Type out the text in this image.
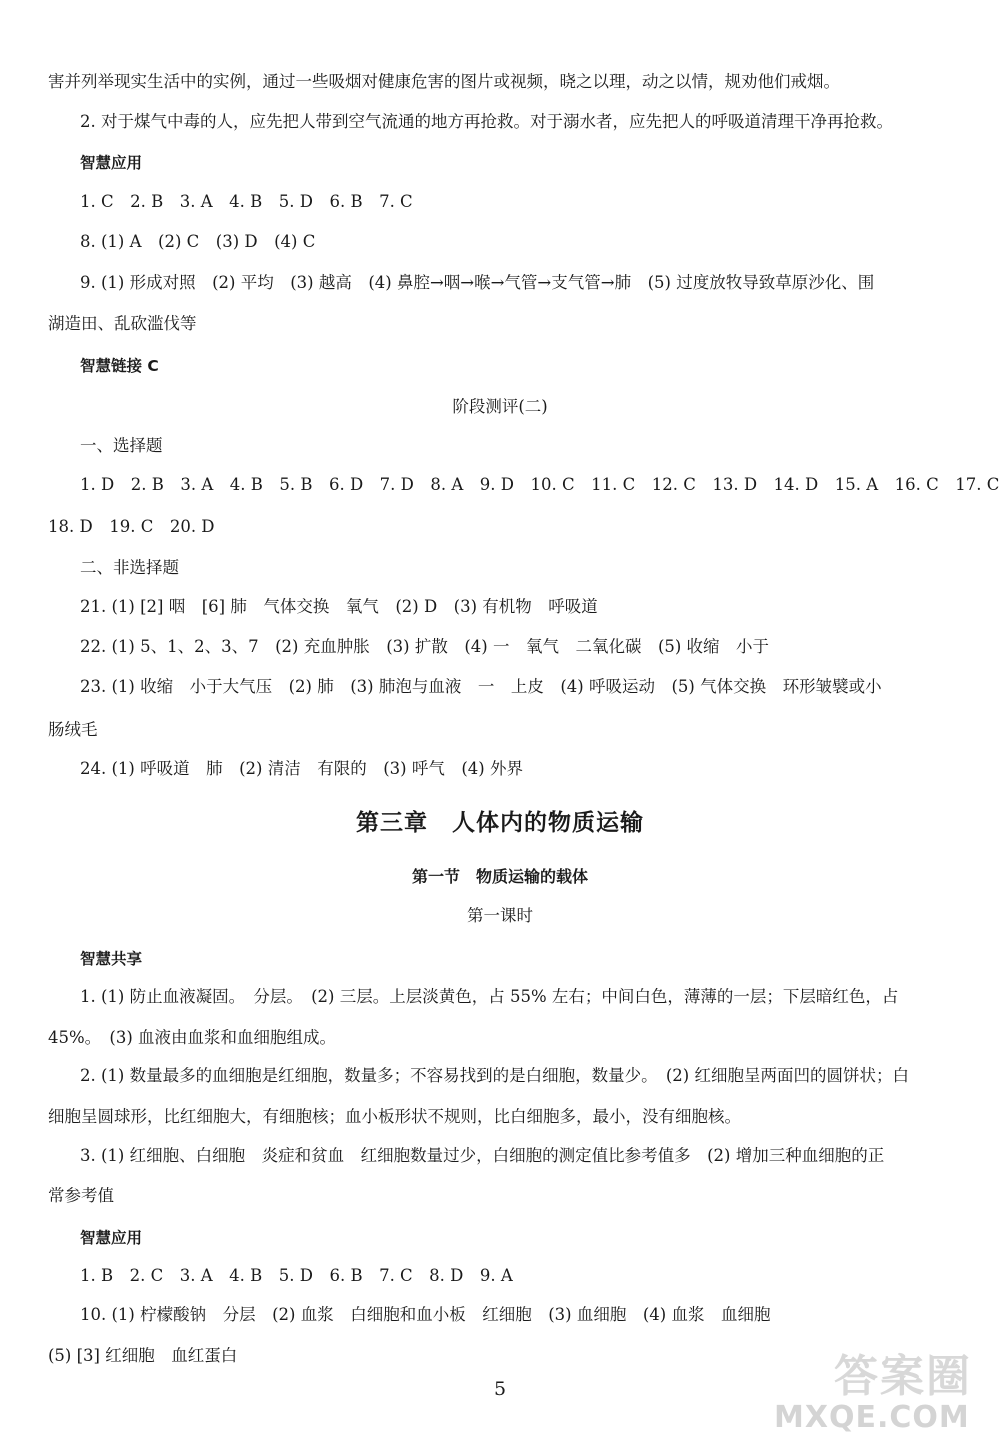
害并列举现实生活中的实例，通过一些吸烟对健康危害的图片或视频，晓之以理，动之以情，规劝他们戒烟。
2. 对于煤气中毒的人，应先把人带到空气流通的地方再抢救。对于溺水者，应先把人的呼吸道清理干净再抢救。
智慧应用
1. C　2. B　3. A　4. B　5. D　6. B　7. C
8. (1) A　(2) C　(3) D　(4) C
9. (1) 形成对照　(2) 平均　(3) 越高　(4) 鼻腔→咽→喉→气管→支气管→肺　(5) 过度放牧导致草原沙化、围
湖造田、乱砍滥伐等
智慧链接 C
阶段测评(二)
一、选择题
1. D　2. B　3. A　4. B　5. B　6. D　7. D　8. A　9. D　10. C　11. C　12. C　13. D　14. D　15. A　16. C　17. C
18. D　19. C　20. D
二、非选择题
21. (1) [2] 咽　[6] 肺　气体交换　氧气　(2) D　(3) 有机物　呼吸道
22. (1) 5、1、2、3、7　(2) 充血肿胀　(3) 扩散　(4) 一　氧气　二氧化碳　(5) 收缩　小于
23. (1) 收缩　小于大气压　(2) 肺　(3) 肺泡与血液　一　上皮　(4) 呼吸运动　(5) 气体交换　环形皱襞或小
肠绒毛
24. (1) 呼吸道　肺　(2) 清洁　有限的　(3) 呼气　(4) 外界
第三章　人体内的物质运输
第一节　物质运输的载体
第一课时
智慧共享
1. (1) 防止血液凝固。　分层。　(2) 三层。上层淡黄色，占 55% 左右；中间白色，薄薄的一层；下层暗红色，占
45%。　(3) 血液由血浆和血细胞组成。
2. (1) 数量最多的血细胞是红细胞，数量多；不容易找到的是白细胞，数量少。　(2) 红细胞呈两面凹的圆饼状；白
细胞呈圆球形，比红细胞大，有细胞核；血小板形状不规则，比白细胞多，最小，没有细胞核。
3. (1) 红细胞、白细胞　炎症和贫血　红细胞数量过少，白细胞的测定值比参考值多　(2) 增加三种血细胞的正
常参考值
智慧应用
1. B　2. C　3. A　4. B　5. D　6. B　7. C　8. D　9. A
10. (1) 柠檬酸钠　分层　(2) 血浆　白细胞和血小板　红细胞　(3) 血细胞　(4) 血浆　血细胞
(5) [3] 红细胞　血红蛋白
5	答案圈
MXQE.COM
